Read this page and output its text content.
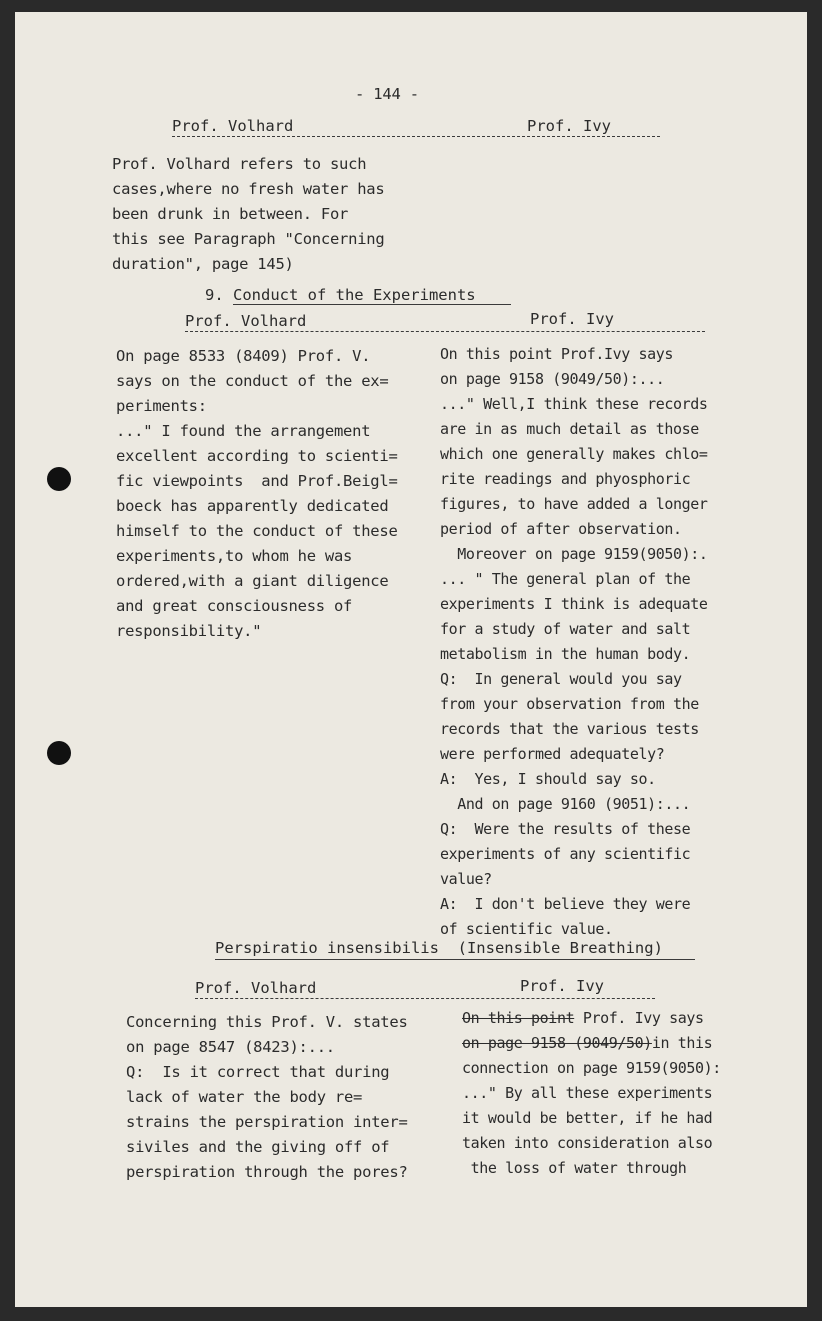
- 144 -
Prof. Volhard	Prof. Ivy
Prof. Volhard refers to such
cases,where no fresh water has
been drunk in between. For
this see Paragraph "Concerning
duration", page 145)
9. Conduct of the Experiments
Prof. Volhard	Prof. Ivy
On page 8533 (8409) Prof. V.
says on the conduct of the ex=
periments:
..." I found the arrangement
excellent according to scienti=
fic viewpoints  and Prof.Beigl=
boeck has apparently dedicated
himself to the conduct of these
experiments,to whom he was
ordered,with a giant diligence
and great consciousness of
responsibility."
On this point Prof.Ivy says
on page 9158 (9049/50):...
..." Well,I think these records
are in as much detail as those
which one generally makes chlo=
rite readings and phyosphoric
figures, to have added a longer
period of after observation.
Moreover on page 9159(9050):.
... " The general plan of the
experiments I think is adequate
for a study of water and salt
metabolism in the human body.
Q:  In general would you say
from your observation from the
records that the various tests
were performed adequately?
A:  Yes, I should say so.
And on page 9160 (9051):...
Q:  Were the results of these
experiments of any scientific
value?
A:  I don't believe they were
of scientific value.
Perspiratio insensibilis  (Insensible Breathing)
Prof. Volhard	Prof. Ivy
Concerning this Prof. V. states
on page 8547 (8423):...
Q:  Is it correct that during
lack of water the body re=
strains the perspiration inter=
siviles and the giving off of
perspiration through the pores?
On this point Prof. Ivy says
on page 9158 (9049/50)in this
connection on page 9159(9050):
..." By all these experiments
it would be better, if he had
taken into consideration also
the loss of water through
